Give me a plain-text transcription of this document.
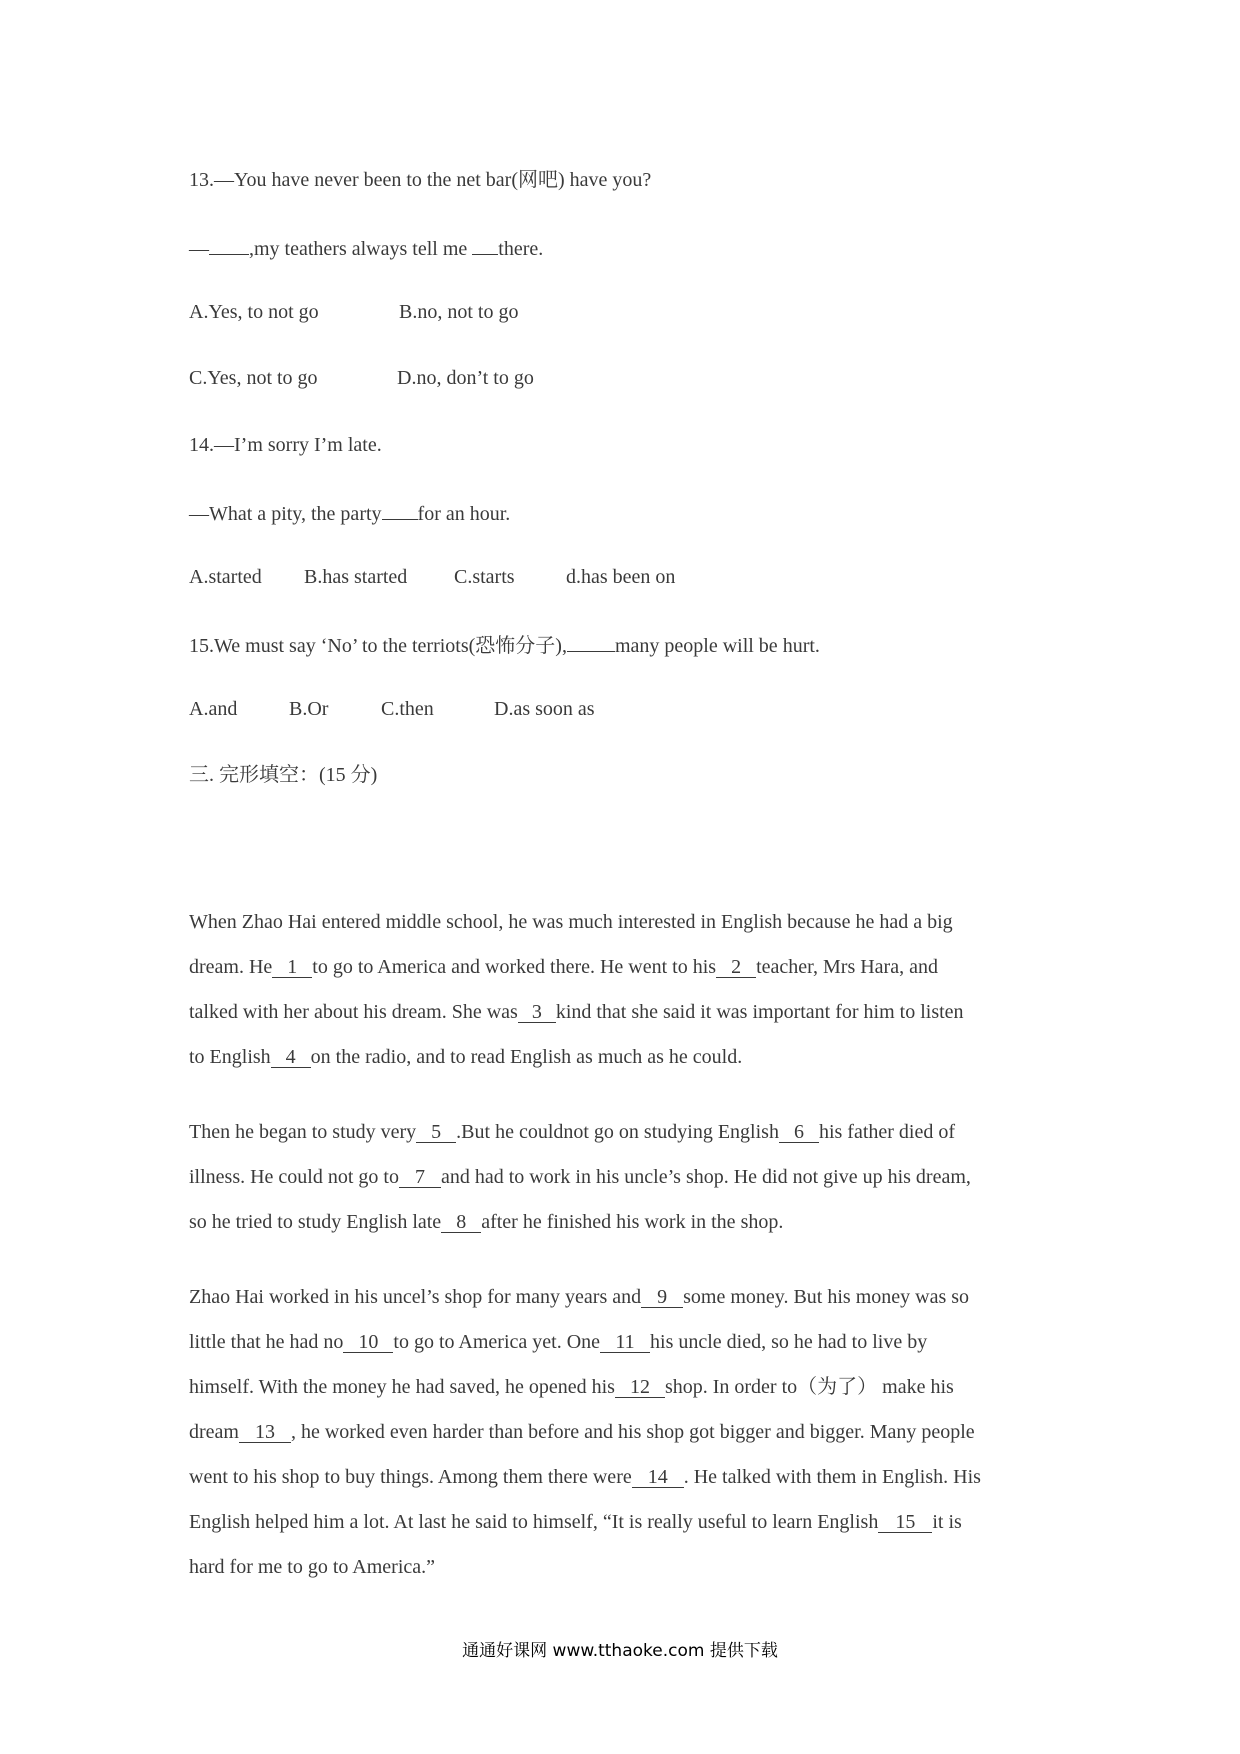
13.—You have never been to the net bar(网吧) have you?
— ,my teathers always tell me there.
A.Yes, to not go	B.no, not to go
C.Yes, not to go	D.no, don’t to go
14.—I’m sorry I’m late.
—What a pity, the party for an hour.
A.started B.has started C.starts	d.has been on
15.We must say ‘No’ to the terriots(恐怖分子), many people will be hurt.
A.and	B.Or	C.then	D.as soon as
三. 完形填空：(15 分)
When Zhao Hai entered middle school, he was much interested in English because he had a big
dream. He 1 to go to America and worked there. He went to his 2 teacher, Mrs Hara, and
talked with her about his dream. She was 3 kind that she said it was important for him to listen
to English 4 on the radio, and to read English as much as he could.
Then he began to study very 5 .But he couldnot go on studying English 6 his father died of
illness. He could not go to 7 and had to work in his uncle’s shop. He did not give up his dream,
so he tried to study English late 8 after he finished his work in the shop.
Zhao Hai worked in his uncel’s shop for many years and 9 some money. But his money was so
little that he had no 10 to go to America yet. One 11 his uncle died, so he had to live by
himself. With the money he had saved, he opened his 12 shop. In order to（为了） make his
dream 13 , he worked even harder than before and his shop got bigger and bigger. Many people
went to his shop to buy things. Among them there were 14 . He talked with them in English. His
English helped him a lot. At last he said to himself, “It is really useful to learn English 15 it is
hard for me to go to America.”
通通好课网 www.tthaoke.com 提供下载
